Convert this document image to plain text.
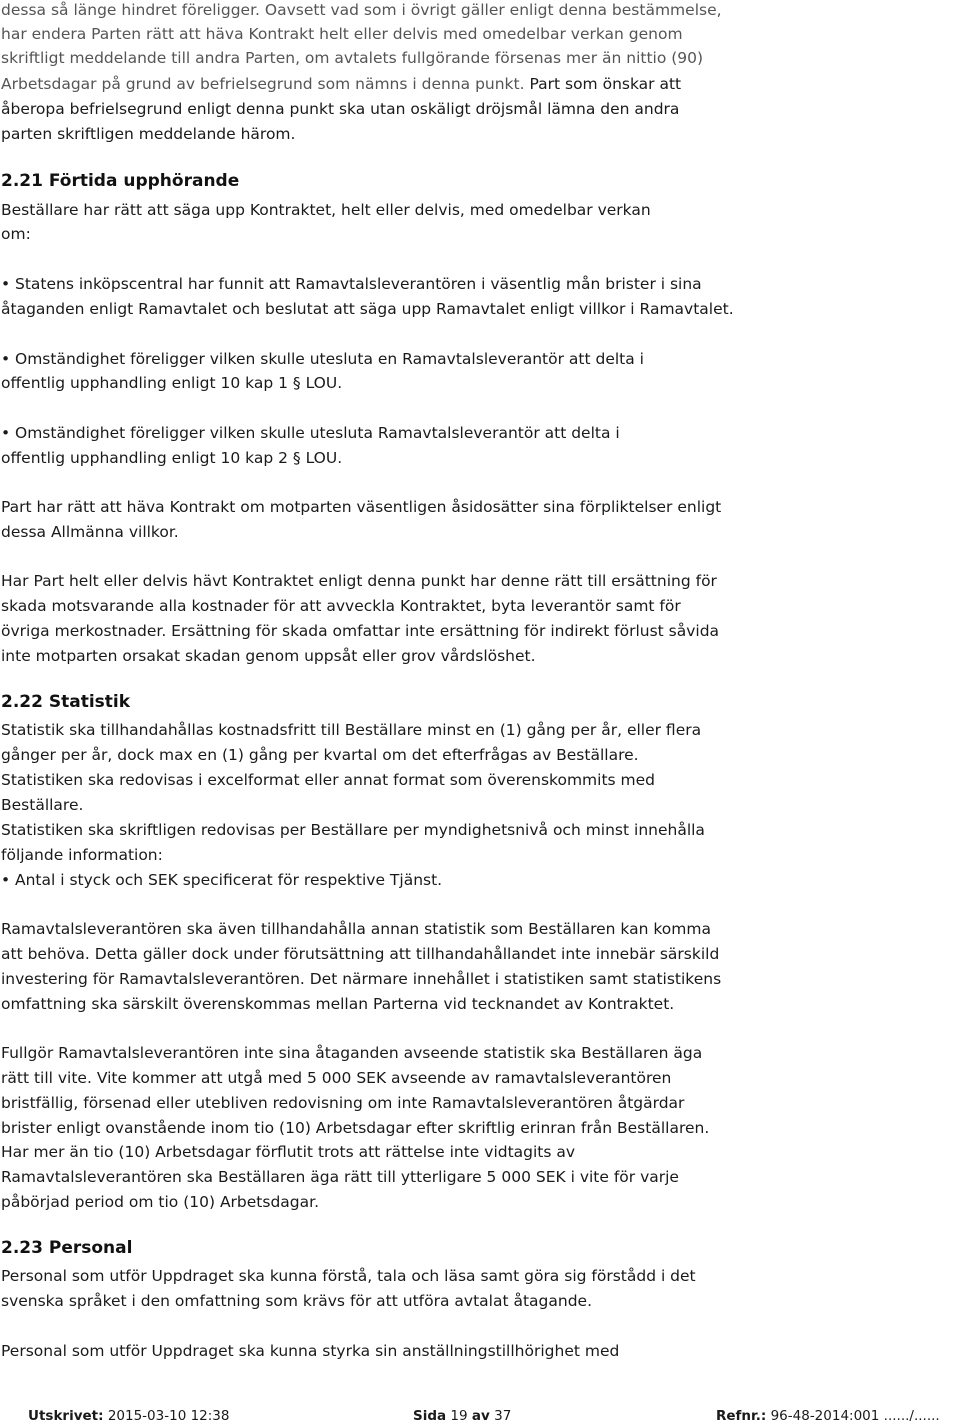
dessa så länge hindret föreligger. Oavsett vad som i övrigt gäller enligt denna bestämmelse,
har endera Parten rätt att häva Kontrakt helt eller delvis med omedelbar verkan genom
skriftligt meddelande till andra Parten, om avtalets fullgörande försenas mer än nittio (90)
Arbetsdagar på grund av befrielsegrund som nämns i denna punkt. Part som önskar att
åberopa befrielsegrund enligt denna punkt ska utan oskäligt dröjsmål lämna den andra
parten skriftligen meddelande härom.
2.21 Förtida upphörande
Beställare har rätt att säga upp Kontraktet, helt eller delvis, med omedelbar verkan
om:
• Statens inköpscentral har funnit att Ramavtalsleverantören i väsentlig mån brister i sina
åtaganden enligt Ramavtalet och beslutat att säga upp Ramavtalet enligt villkor i Ramavtalet.
• Omständighet föreligger vilken skulle utesluta en Ramavtalsleverantör att delta i
offentlig upphandling enligt 10 kap 1 § LOU.
• Omständighet föreligger vilken skulle utesluta Ramavtalsleverantör att delta i
offentlig upphandling enligt 10 kap 2 § LOU.
Part har rätt att häva Kontrakt om motparten väsentligen åsidosätter sina förpliktelser enligt
dessa Allmänna villkor.
Har Part helt eller delvis hävt Kontraktet enligt denna punkt har denne rätt till ersättning för
skada motsvarande alla kostnader för att avveckla Kontraktet, byta leverantör samt för
övriga merkostnader. Ersättning för skada omfattar inte ersättning för indirekt förlust såvida
inte motparten orsakat skadan genom uppsåt eller grov vårdslöshet.
2.22 Statistik
Statistik ska tillhandahållas kostnadsfritt till Beställare minst en (1) gång per år, eller flera
gånger per år, dock max en (1) gång per kvartal om det efterfrågas av Beställare.
Statistiken ska redovisas i excelformat eller annat format som överenskommits med
Beställare.
Statistiken ska skriftligen redovisas per Beställare per myndighetsnivå och minst innehålla
följande information:
• Antal i styck och SEK specificerat för respektive Tjänst.
Ramavtalsleverantören ska även tillhandahålla annan statistik som Beställaren kan komma
att behöva. Detta gäller dock under förutsättning att tillhandahållandet inte innebär särskild
investering för Ramavtalsleverantören. Det närmare innehållet i statistiken samt statistikens
omfattning ska särskilt överenskommas mellan Parterna vid tecknandet av Kontraktet.
Fullgör Ramavtalsleverantören inte sina åtaganden avseende statistik ska Beställaren äga
rätt till vite. Vite kommer att utgå med 5 000 SEK avseende av ramavtalsleverantören
bristfällig, försenad eller utebliven redovisning om inte Ramavtalsleverantören åtgärdar
brister enligt ovanstående inom tio (10) Arbetsdagar efter skriftlig erinran från Beställaren.
Har mer än tio (10) Arbetsdagar förflutit trots att rättelse inte vidtagits av
Ramavtalsleverantören ska Beställaren äga rätt till ytterligare 5 000 SEK i vite för varje
påbörjad period om tio (10) Arbetsdagar.
2.23 Personal
Personal som utför Uppdraget ska kunna förstå, tala och läsa samt göra sig förstådd i det
svenska språket i den omfattning som krävs för att utföra avtalat åtagande.
Personal som utför Uppdraget ska kunna styrka sin anställningstillhörighet med
Utskrivet: 2015-03-10 12:38	Sida 19 av 37	Refnr.: 96-48-2014:001 ....../......
